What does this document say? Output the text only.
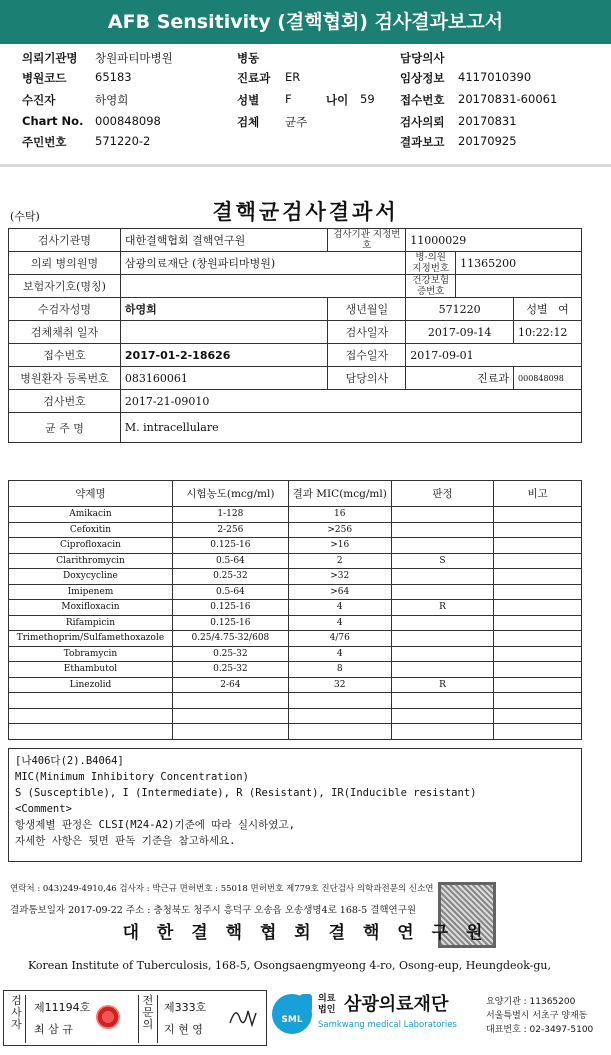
AFB Sensitivity (결핵협회) 검사결과보고서
의뢰기관명 창원파티마병원	병동	담당의사
병원코드 65183	진료과 ER	임상정보 4117010390
수진자	하영희	성별 F	나이 59 접수번호 20170831-60061
Chart No. 000848098	검체 균주	검사의뢰 20170831
주민번호 571220-2	결과보고 20170925
결핵균검사결과서
(수탁)
검사기관명	대한결핵협회 결핵연구원	검사기관 지정번호	11000029		
의뢰 병의원명	삼광의료재단 (창원파티마병원)		병·의원 지정번호	11365200	
보험자기호(명칭)			건강보험 증번호		
수검자성명	하영희	생년월일	571220		성별 여
검체채취 일자		검사일자	2017-09-14		10:22:12
접수번호	2017-01-2-18626	접수일자	2017-09-01		
병원환자 등록번호	083160061	담당의사	진료과		000848098
검사번호	2017-21-09010				
균 주 명	M. intracellulare				
약제명	시험농도(mcg/ml)	결과 MIC(mcg/ml)	판정	비고
Amikacin	1-128	16		
Cefoxitin	2-256	>256		
Ciprofloxacin	0.125-16	>16		
Clarithromycin	0.5-64	2	S	
Doxycycline	0.25-32	>32		
Imipenem	0.5-64	>64		
Moxifloxacin	0.125-16	4	R	
Rifampicin	0.125-16	4		
Trimethoprim/Sulfamethoxazole	0.25/4.75-32/608	4/76		
Tobramycin	0.25-32	4		
Ethambutol	0.25-32	8		
Linezolid	2-64	32	R	

[나406다(2).B4064]
MIC(Minimum Inhibitory Concentration)
S (Susceptible), I (Intermediate), R (Resistant), IR(Inducible resistant)
<Comment>
항생제별 판정은 CLSI(M24-A2)기준에 따라 실시하였고,
자세한 사항은 뒷면 판독 기준을 참고하세요.
연락처 : 043)249-4910,46 검사자 : 박근규 면허번호 : 55018 면허번호 제779호 진단검사 의학과전문의 신소연
결과통보일자 2017-09-22 주소 : 충청북도 청주시 흥덕구 오송읍 오송생명4로 168-5 결핵연구원
대 한 결 핵 협 회 결 핵 연 구 원
Korean Institute of Tuberculosis, 168-5, Osongsaengmyeong 4-ro, Osong-eup, Heungdeok-gu,
검사자
제11194호
최 삼 규
전문의
제333호
지 현 영
SML
의료법인 삼광의료재단
Samkwang medical Laboratories
요양기관 : 11365200
서울특별시 서초구 양재동
대표번호 : 02-3497-5100
